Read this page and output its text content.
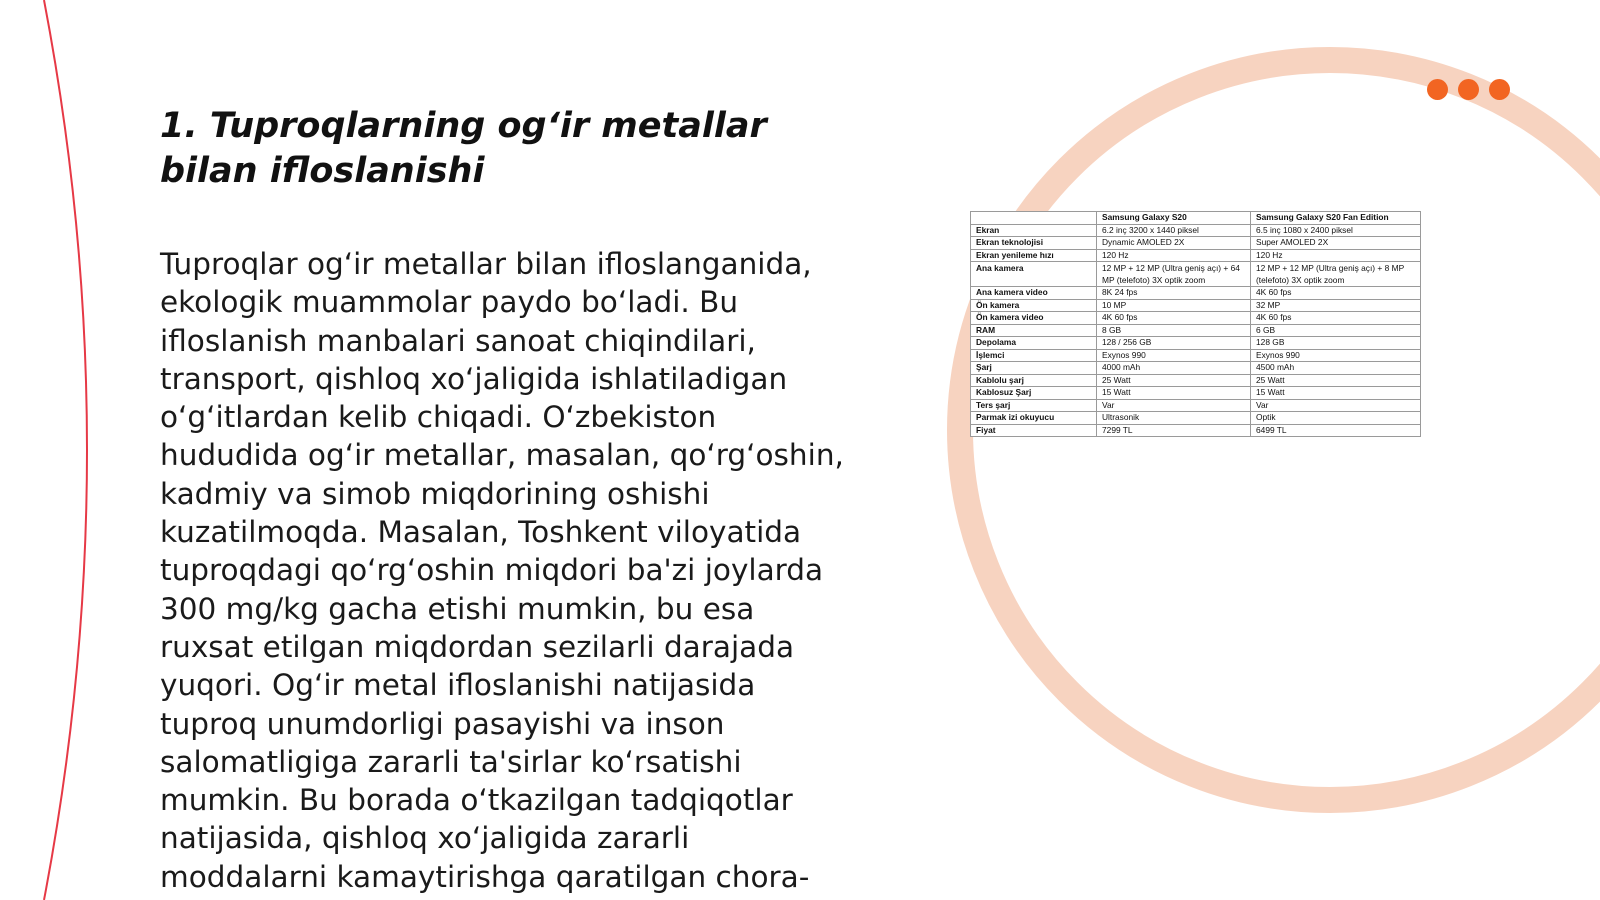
1. Tuproqlarning og‘ir metallar bilan ifloslanishi

Tuproqlar og‘ir metallar bilan ifloslanganida, ekologik muammolar paydo bo‘ladi. Bu ifloslanish manbalari sanoat chiqindilari, transport, qishloq xo‘jaligida ishlatiladigan o‘g‘itlardan kelib chiqadi. O‘zbekiston hududida og‘ir metallar, masalan, qo‘rg‘oshin, kadmiy va simob miqdorining oshishi kuzatilmoqda. Masalan, Toshkent viloyatida tuproqdagi qo‘rg‘oshin miqdori ba'zi joylarda 300 mg/kg gacha etishi mumkin, bu esa ruxsat etilgan miqdordan sezilarli darajada yuqori. Og‘ir metal ifloslanishi natijasida tuproq unumdorligi pasayishi va inson salomatligiga zararli ta'sirlar ko‘rsatishi mumkin. Bu borada o‘tkazilgan tadqiqotlar natijasida, qishloq xo‘jaligida zararli moddalarni kamaytirishga qaratilgan chora-

	Samsung Galaxy S20	Samsung Galaxy S20 Fan Edition
Ekran	6.2 inç 3200 x 1440 piksel	6.5 inç 1080 x 2400 piksel
Ekran teknolojisi	Dynamic AMOLED 2X	Super AMOLED 2X
Ekran yenileme hızı	120 Hz	120 Hz
Ana kamera	12 MP + 12 MP (Ultra geniş açı) + 64 MP (telefoto) 3X optik zoom	12 MP + 12 MP (Ultra geniş açı) + 8 MP (telefoto) 3X optik zoom
Ana kamera video	8K 24 fps	4K 60 fps
Ön kamera	10 MP	32 MP
Ön kamera video	4K 60 fps	4K 60 fps
RAM	8 GB	6 GB
Depolama	128 / 256 GB	128 GB
İşlemci	Exynos 990	Exynos 990
Şarj	4000 mAh	4500 mAh
Kablolu şarj	25 Watt	25 Watt
Kablosuz Şarj	15 Watt	15 Watt
Ters şarj	Var	Var
Parmak izi okuyucu	Ultrasonik	Optik
Fiyat	7299 TL	6499 TL
